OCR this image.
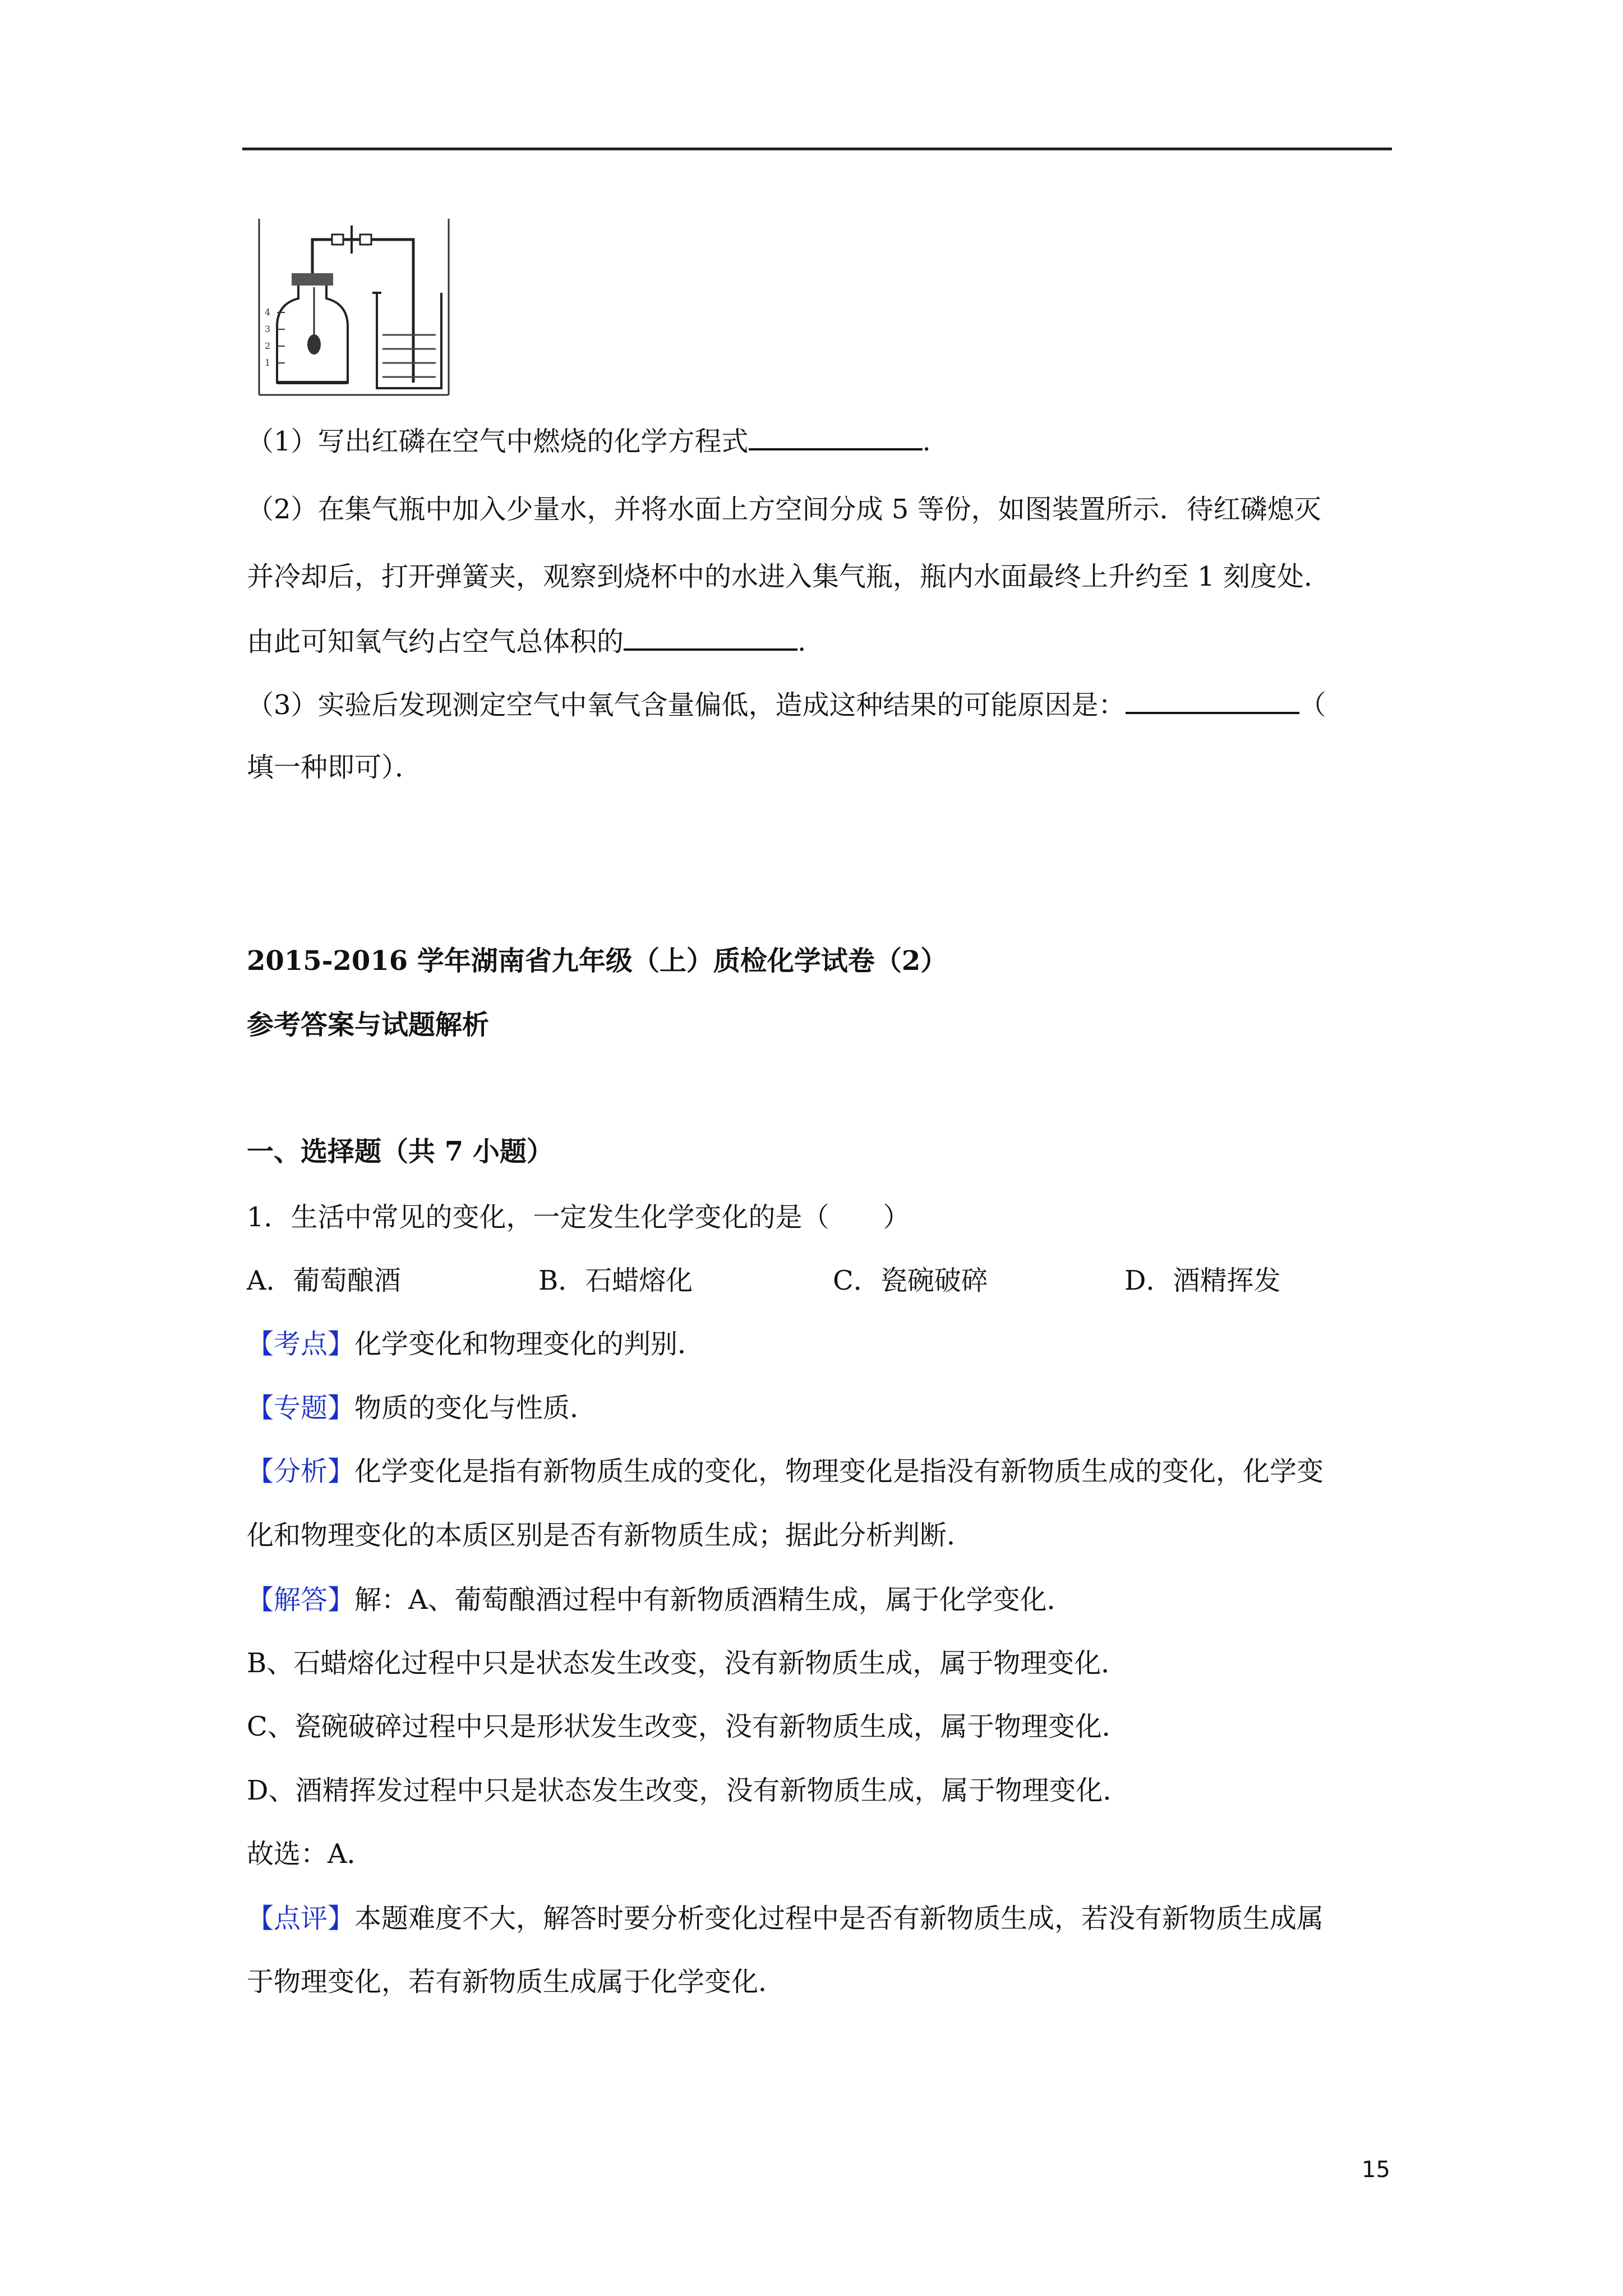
4
3
2
1
（1）写出红磷在空气中燃烧的化学方程式	.
（2）在集气瓶中加入少量水，并将水面上方空间分成 5 等份，如图装置所示．待红磷熄灭
并冷却后，打开弹簧夹，观察到烧杯中的水进入集气瓶，瓶内水面最终上升约至 1 刻度处．
由此可知氧气约占空气总体积的	.
（3）实验后发现测定空气中氧气含量偏低，造成这种结果的可能原因是：	（
填一种即可）．
2015-2016 学年湖南省九年级（上）质检化学试卷（2）
参考答案与试题解析
一、选择题（共 7 小题）
1．生活中常见的变化，一定发生化学变化的是（　　）
A．葡萄酿酒	B．石蜡熔化	C．瓷碗破碎	D．酒精挥发
【考点】化学变化和物理变化的判别．
【专题】物质的变化与性质．
【分析】化学变化是指有新物质生成的变化，物理变化是指没有新物质生成的变化，化学变
化和物理变化的本质区别是否有新物质生成；据此分析判断．
【解答】解：A、葡萄酿酒过程中有新物质酒精生成，属于化学变化．
B、石蜡熔化过程中只是状态发生改变，没有新物质生成，属于物理变化．
C、瓷碗破碎过程中只是形状发生改变，没有新物质生成，属于物理变化．
D、酒精挥发过程中只是状态发生改变，没有新物质生成，属于物理变化．
故选：A．
【点评】本题难度不大，解答时要分析变化过程中是否有新物质生成，若没有新物质生成属
于物理变化，若有新物质生成属于化学变化．
15
